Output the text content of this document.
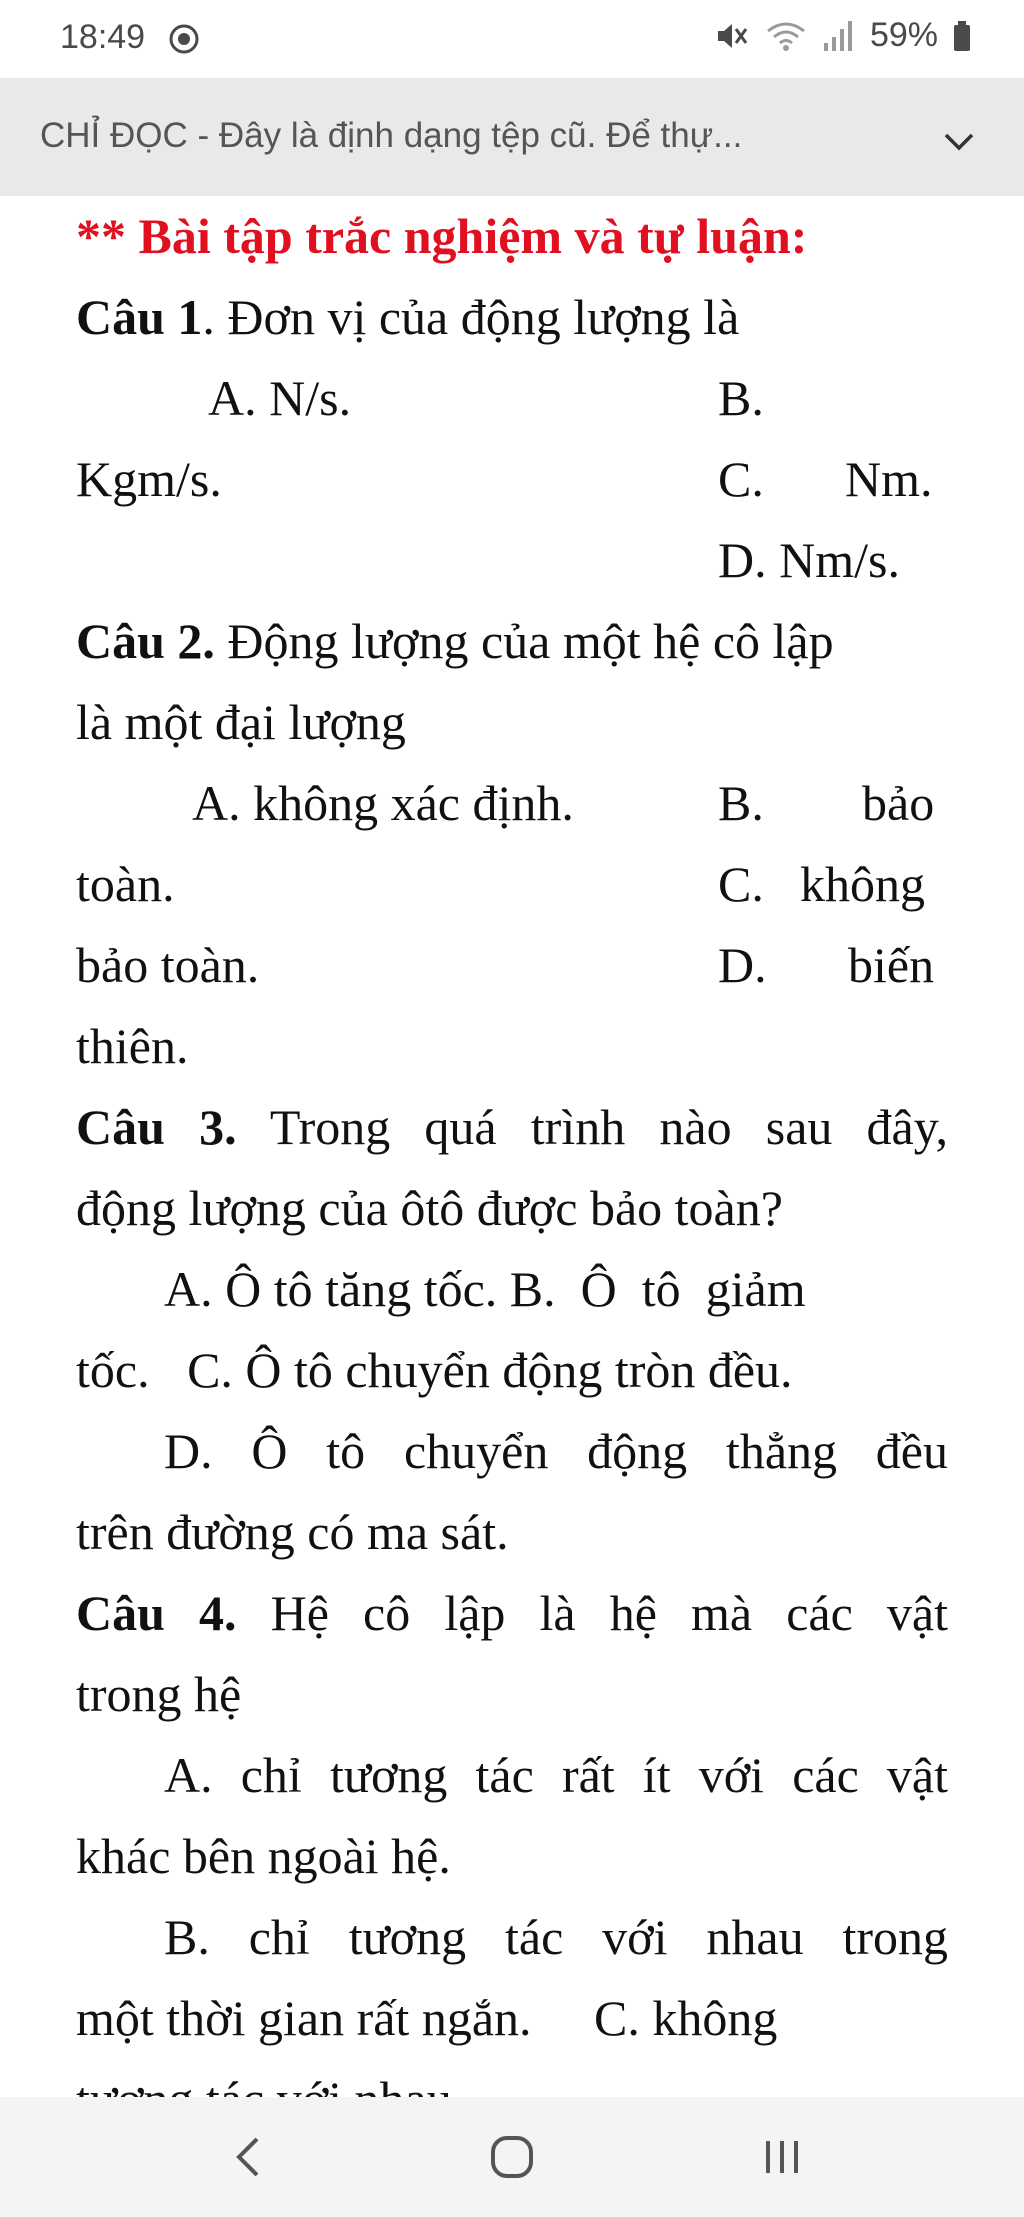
18:49	59%
CHỈ ĐỌC - Đây là định dạng tệp cũ. Để thự...
** Bài tập trắc nghiệm và tự luận:
Câu 1. Đơn vị của động lượng là
A. N/s.	B.
Kgm/s.	C. Nm.
D. Nm/s.
Câu 2. Động lượng của một hệ cô lập
là một đại lượng
A. không xác định.	B. bảo
toàn.	C. không
bảo toàn.	D. biến
thiên.
Câu 3. Trong quá trình nào sau đây,
động lượng của ôtô được bảo toàn?
A. Ô tô tăng tốc. B.  Ô  tô  giảm
tốc.   C. Ô tô chuyển động tròn đều.
D. Ô tô chuyển động thẳng đều
trên đường có ma sát.
Câu 4. Hệ cô lập là hệ mà các vật
trong hệ
A. chỉ tương tác rất ít với các vật
khác bên ngoài hệ.
B. chỉ tương tác với nhau trong
một thời gian rất ngắn.     C. không
